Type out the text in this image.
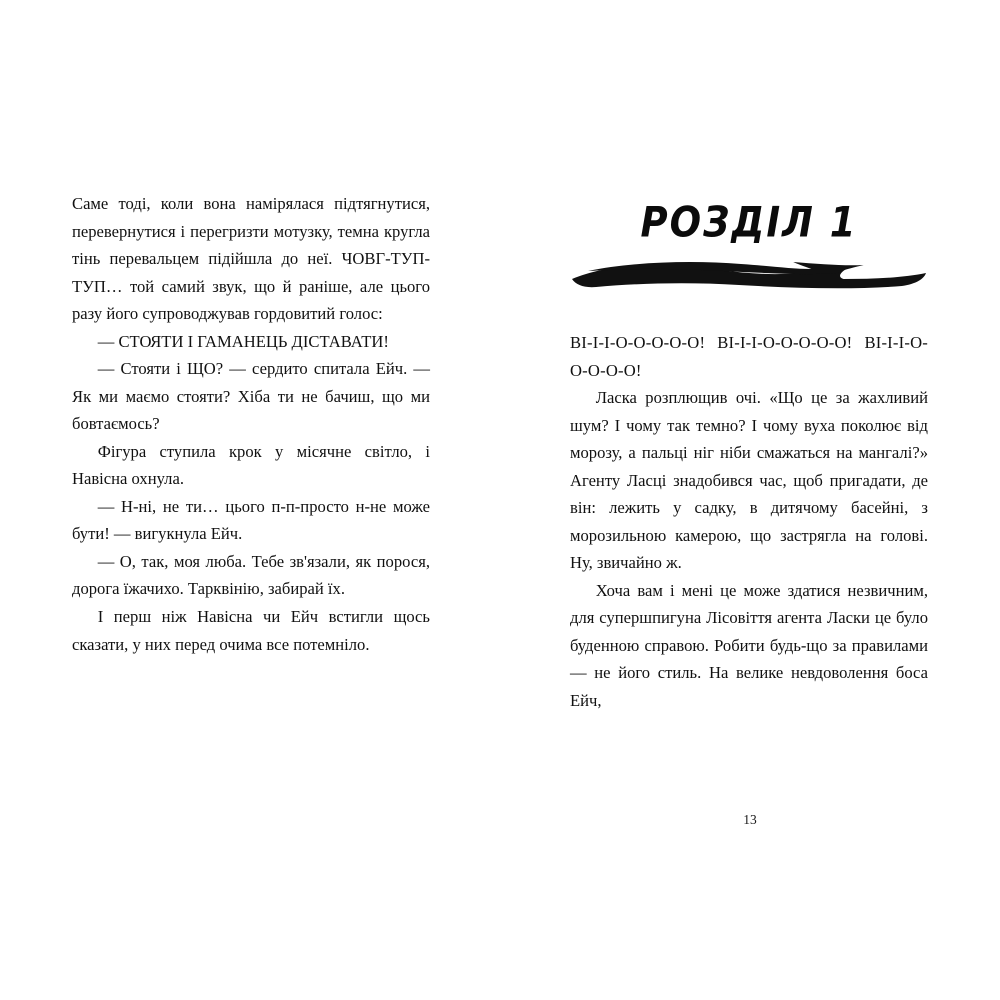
Саме тоді, коли вона намірялася підтягнутися, перевернутися і перегризти мотузку, темна кругла тінь перевальцем підійшла до неї. ЧОВГ-ТУП-ТУП… той самий звук, що й раніше, але цього разу його супроводжував гордовитий голос:

— СТОЯТИ І ГАМАНЕЦЬ ДІСТАВАТИ!

— Стояти і ЩО? — сердито спитала Ейч. — Як ми маємо стояти? Хіба ти не бачиш, що ми бовтаємось?

Фігура ступила крок у місячне світло, і Навісна охнула.

— Н-ні, не ти… цього п-п-просто н-не може бути! — вигукнула Ейч.

— О, так, моя люба. Тебе зв'язали, як порося, дорога їжачихо. Тарквінію, забирай їх.

І перш ніж Навісна чи Ейч встигли щось сказати, у них перед очима все потемніло.

РОЗДІЛ 1

ВІ-І-І-О-О-О-О-О! ВІ-І-І-О-О-О-О-О! ВІ-І-І-О-О-О-О-О!

Ласка розплющив очі. «Що це за жахливий шум? І чому так темно? І чому вуха поколює від морозу, а пальці ніг ніби смажаться на мангалі?» Агенту Ласці знадобився час, щоб пригадати, де він: лежить у садку, в дитячому басейні, з морозильною камерою, що застрягла на голові. Ну, звичайно ж.

Хоча вам і мені це може здатися незвичним, для супершпигуна Лісовіття агента Ласки це було буденною справою. Робити будь-що за правилами — не його стиль. На велике невдоволення боса Ейч,

13
